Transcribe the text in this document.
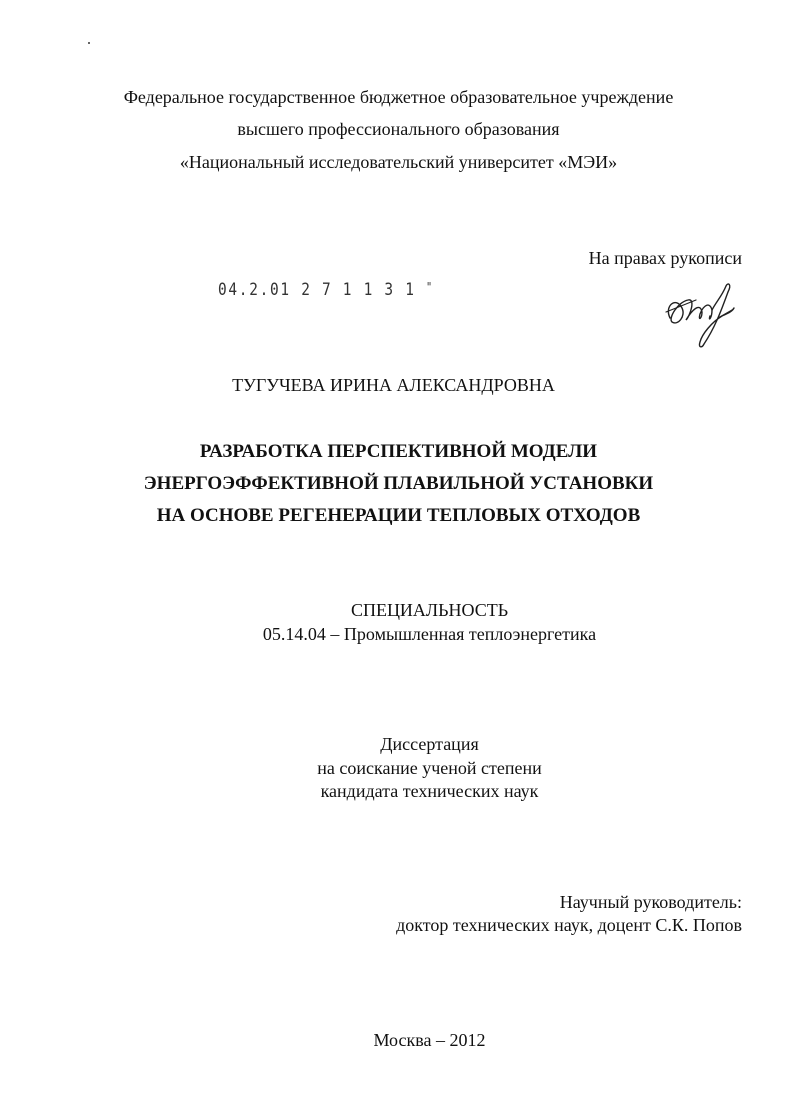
Федеральное государственное бюджетное образовательное учреждение
высшего профессионального образования
«Национальный исследовательский университет «МЭИ»
На правах рукописи
04.2.01 2 7 1 1 3 1 "
ТУГУЧЕВА ИРИНА АЛЕКСАНДРОВНА
РАЗРАБОТКА ПЕРСПЕКТИВНОЙ МОДЕЛИ
ЭНЕРГОЭФФЕКТИВНОЙ ПЛАВИЛЬНОЙ УСТАНОВКИ
НА ОСНОВЕ РЕГЕНЕРАЦИИ ТЕПЛОВЫХ ОТХОДОВ
СПЕЦИАЛЬНОСТЬ
05.14.04 – Промышленная теплоэнергетика
Диссертация
на соискание ученой степени
кандидата технических наук
Научный руководитель:
доктор технических наук, доцент С.К. Попов
Москва – 2012
